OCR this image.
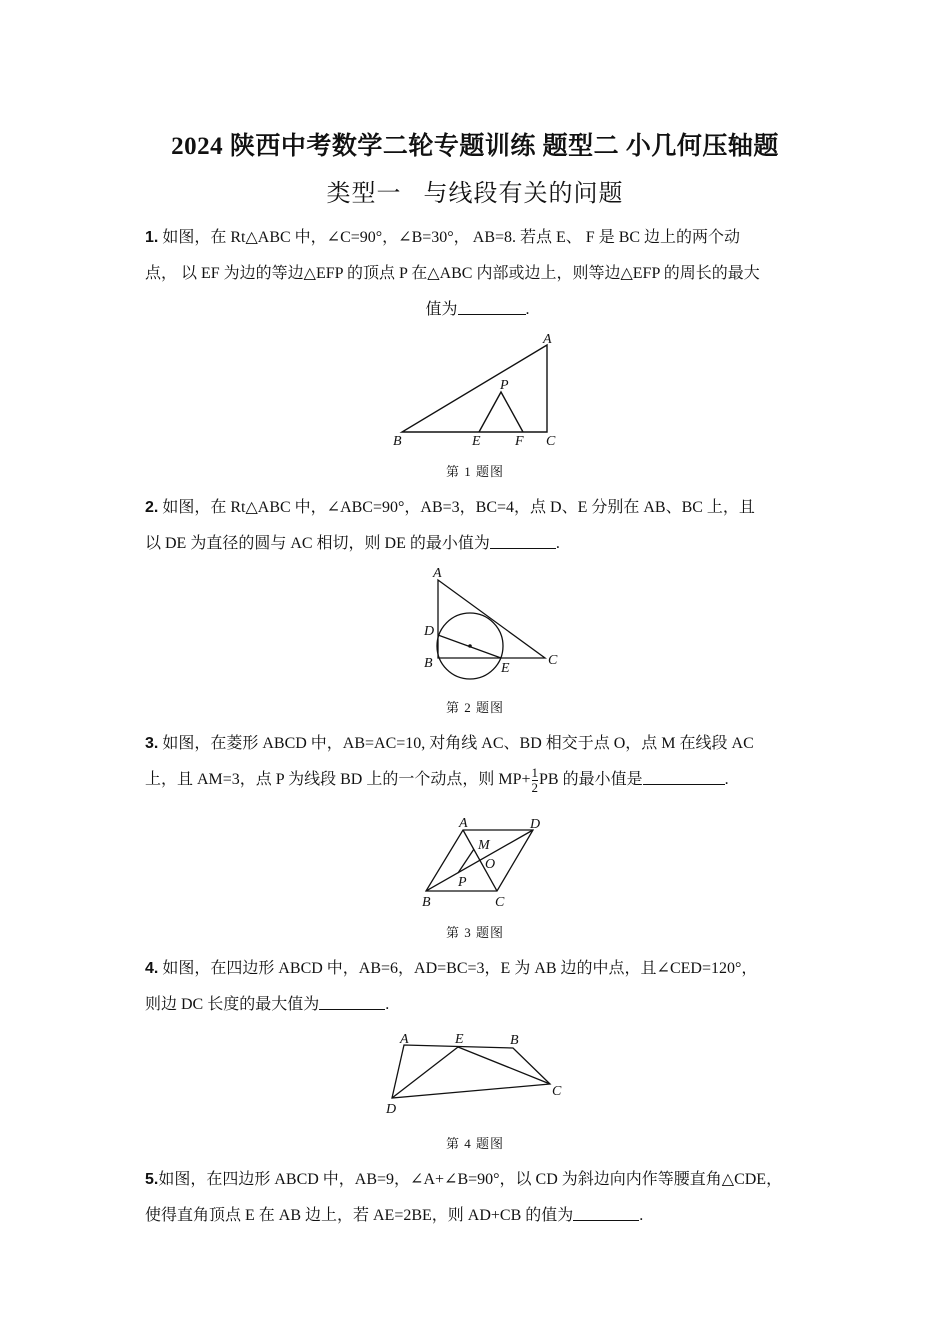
2024 陕西中考数学二轮专题训练 题型二 小几何压轴题
类型一 与线段有关的问题
1. 如图，在 Rt△ABC 中，∠C=90°，∠B=30°， AB=8. 若点 E、 F 是 BC 边上的两个动
点， 以 EF 为边的等边△EFP 的顶点 P 在△ABC 内部或边上，则等边△EFP 的周长的最大
值为	.
A
B	C
E F
P
第 1 题图
2. 如图，在 Rt△ABC 中，∠ABC=90°，AB=3，BC=4，点 D、E 分别在 AB、BC 上，且
以 DE 为直径的圆与 AC 相切，则 DE 的最小值为	.
A
B	C
D
E
第 2 题图
3. 如图，在菱形 ABCD 中，AB=AC=10, 对角线 AC、BD 相交于点 O，点 M 在线段 AC
上，且 AM=3，点 P 为线段 BD 上的一个动点，则 $MP+ \frac{1}{2}$ PB 的最小值是	.
A	D
B	C
M
O
P
第 3 题图
4. 如图，在四边形 ABCD 中，AB=6，AD=BC=3，E 为 AB 边的中点，且∠CED=120°，
则边 DC 长度的最大值为	.
A	E	B
C
D
第 4 题图
5.如图，在四边形 ABCD 中，AB=9，∠A+∠B=90°，以 CD 为斜边向内作等腰直角△CDE，
使得直角顶点 E 在 AB 边上，若 AE=2BE，则 AD+CB 的值为	.
